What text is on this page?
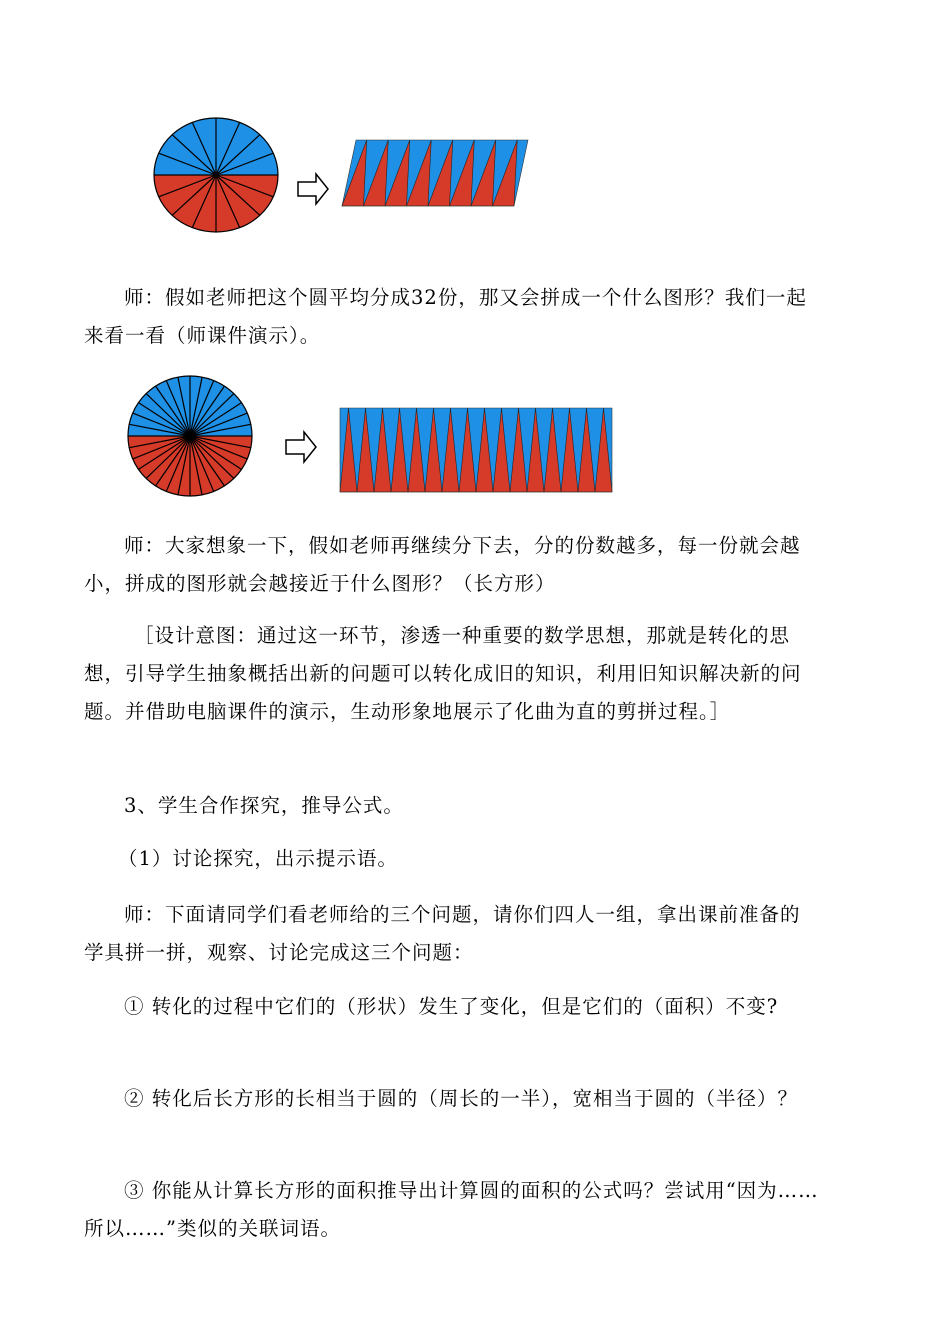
师：假如老师把这个圆平均分成32份，那又会拼成一个什么图形？我们一起来看一看（师课件演示）。

师：大家想象一下，假如老师再继续分下去，分的份数越多，每一份就会越小，拼成的图形就会越接近于什么图形？（长方形）

［设计意图：通过这一环节，渗透一种重要的数学思想，那就是转化的思想，引导学生抽象概括出新的问题可以转化成旧的知识，利用旧知识解决新的问题。并借助电脑课件的演示，生动形象地展示了化曲为直的剪拼过程。］

3、学生合作探究，推导公式。

（1）讨论探究，出示提示语。

师：下面请同学们看老师给的三个问题，请你们四人一组，拿出课前准备的学具拼一拼，观察、讨论完成这三个问题：

① 转化的过程中它们的（形状）发生了变化，但是它们的（面积）不变?

② 转化后长方形的长相当于圆的（周长的一半），宽相当于圆的（半径）？

③ 你能从计算长方形的面积推导出计算圆的面积的公式吗？尝试用“因为……所以……”类似的关联词语。
